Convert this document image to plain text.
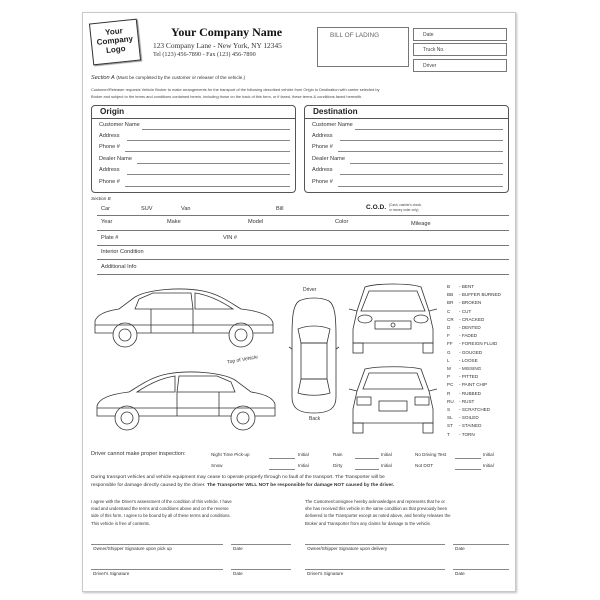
Your
Company
Logo
Your Company Name
123 Company Lane - New York, NY 12345
Tel (123) 456-7890 - Fax (123) 456-7890
BILL OF LADING	Date
Truck No.
Driver
Section A (Must be completed by the customer or releaser of the vehicle.)
Customer/Releaser requests Vehicle Broker to make arrangements for the transport of the following described vehicle from Origin to Destination with carrier selected by
Broker and subject to the terms and conditions contained herein, including those on the back of this form, or if faxed, these terms & conditions faxed herewith.
Origin
Customer Name
Address
Phone #
Dealer Name
Address
Phone #
Destination
Customer Name
Address
Phone #
Dealer Name
Address
Phone #
Section B
Car	SUV	Van	Bill	C.O.D. (Cash, cashier's check,
or money order only)
Year	Make	Model	Color	Mileage
Plate #	VIN #
Interior Condition
Additional Info
Driver
Top of Vehicle
Back
B - BENT
BB - BUFFER BURNED
BR - BROKEN
C - CUT
CR - CRACKED
D - DENTED
F - FADED
FF - FOREIGN FLUID
G - GOUGED
L - LOOSE
M - MISSING
P - PITTED
PC - PAINT CHIP
R - RUBBED
RU - RUST
S - SCRATCHED
SL - SOILED
ST - STAINED
T - TORN
Driver cannot make proper inspection:	Night Time Pick-up	Initial	Rain	Initial	No Driving Test	Initial
Snow	Initial	Dirty	Initial	Not DOT	Initial
During transport vehicles and vehicle equipment may cease to operate properly through no fault of the transport. The Transporter will be
responsible for damage directly caused by the driver. The Transporter WILL NOT be responsible for damage NOT caused by the driver.
I agree with the Driver's assessment of the condition of this vehicle. I have
read and understand the terms and conditions above and on the reverse
side of this form. I agree to be bound by all of these terms and conditions.
This vehicle is free of contents.
The Customer/consignee hereby acknowledges and represents that he or
she has received this vehicle in the same condition as that previously been
delivered to the Transporter except as noted above, and hereby releases the
Broker and Transporter from any claims for damage to the vehicle.
Owner/Shipper Signature upon pick up	Date	Owner/Shipper Signature upon delivery	Date
Driver's Signature	Date	Driver's Signature	Date
